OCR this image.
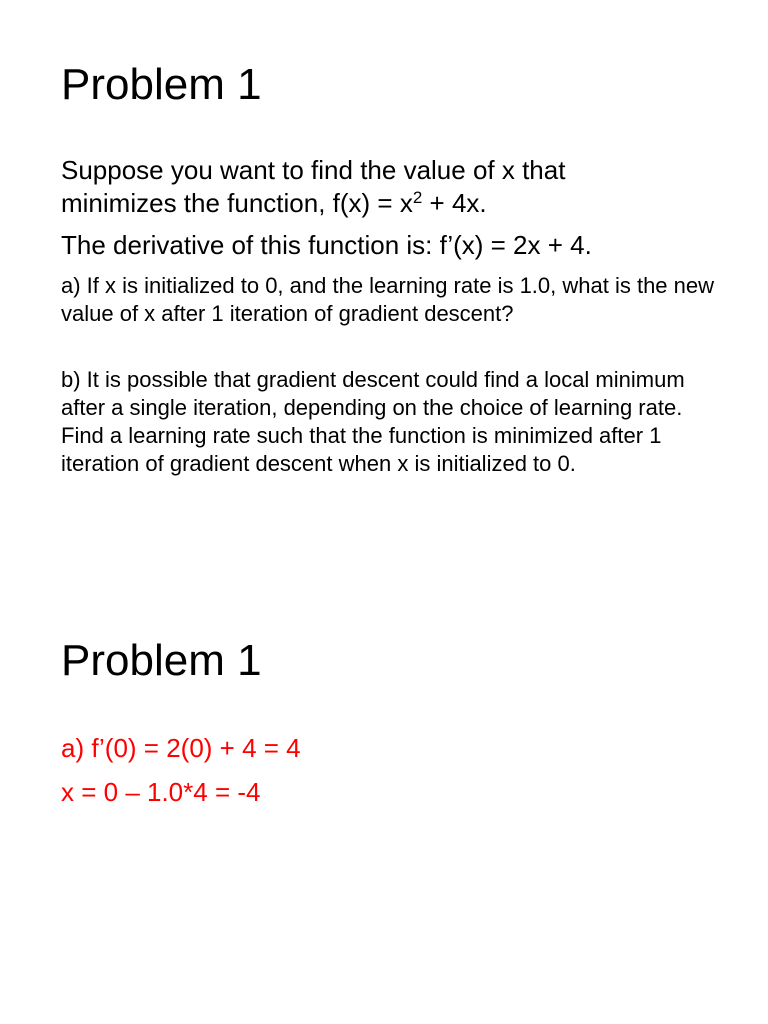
Problem 1

Suppose you want to find the value of x that
minimizes the function, $f(x) = x^2 + 4x$.

The derivative of this function is: f’(x) = 2x + 4.

a) If x is initialized to 0, and the learning rate is 1.0, what is the new value of x after 1 iteration of gradient descent?

b) It is possible that gradient descent could find a local minimum after a single iteration, depending on the choice of learning rate. Find a learning rate such that the function is minimized after 1 iteration of gradient descent when x is initialized to 0.

Problem 1

a) f’(0) = 2(0) + 4 = 4

x = 0 – 1.0*4 = -4
